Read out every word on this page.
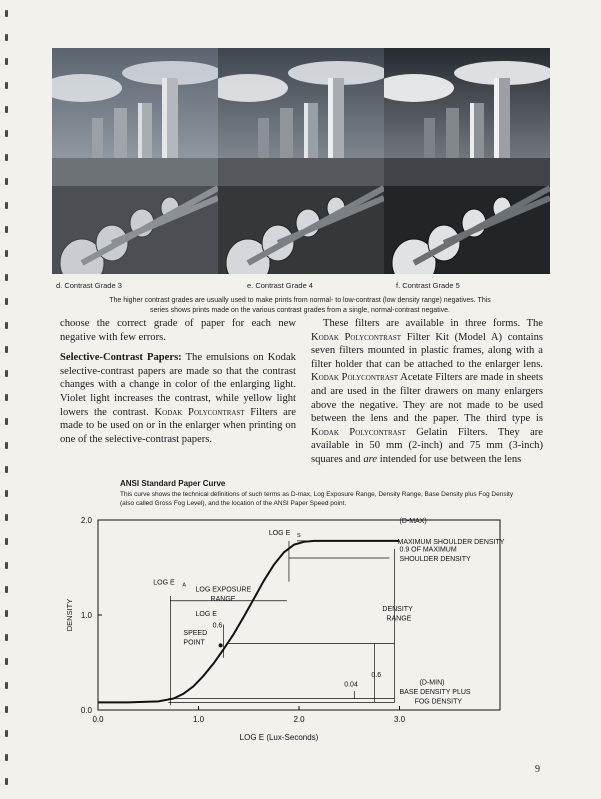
d. Contrast Grade 3	e. Contrast Grade 4	f. Contrast Grade 5
The higher contrast grades are usually used to make prints from normal- to low-contrast (low density range) negatives. This series shows prints made on the various contrast grades from a single, normal-contrast negative.

choose the correct grade of paper for each new negative with few errors.

Selective-Contrast Papers: The emulsions on Kodak selective-contrast papers are made so that the contrast changes with a change in color of the enlarging light. Violet light increases the contrast, while yellow light lowers the contrast. Kodak Polycontrast Filters are made to be used on or in the enlarger when printing on one of the selective-contrast papers.

These filters are available in three forms. The Kodak Polycontrast Filter Kit (Model A) contains seven filters mounted in plastic frames, along with a filter holder that can be attached to the enlarger lens. Kodak Polycontrast Acetate Filters are made in sheets and are used in the filter drawers on many enlargers above the negative. They are not made to be used between the lens and the paper. The third type is Kodak Polycontrast Gelatin Filters. They are available in 50 mm (2-inch) and 75 mm (3-inch) squares and are intended for use between the lens

ANSI Standard Paper Curve
This curve shows the technical definitions of such terms as D-max, Log Exposure Range, Density Range, Base Density plus Fog Density (also called Gross Fog Level), and the location of the ANSI Paper Speed point.
0.0	1.0	2.0	3.0
0.0
1.0
2.0
LOG E (Lux-Seconds)
DENSITY
(D-MAX)
MAXIMUM SHOULDER DENSITY
0.9 OF MAXIMUM
SHOULDER DENSITY
LOG E S
LOG E A
LOG EXPOSURE
RANGE
LOG E
0.6
SPEED
POINT
DENSITY
RANGE
0.6
0.04	(D-MIN)
BASE DENSITY PLUS
FOG DENSITY
9
